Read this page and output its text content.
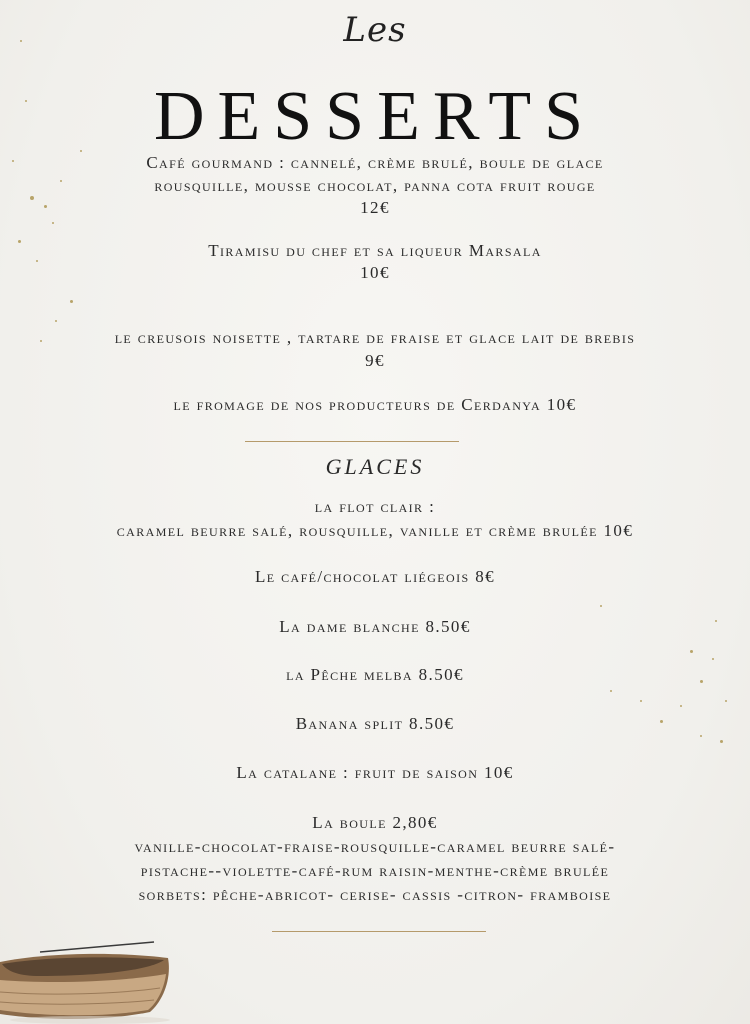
Les
DESSERTS
Café gourmand : cannelé, crème brulé, boule de glace
rousquille, mousse chocolat, panna cota fruit rouge
12€
Tiramisu du chef et sa liqueur Marsala
10€
le creusois noisette , tartare de fraise et glace lait de brebis
9€
le fromage de nos producteurs de Cerdanya 10€
GLACES
la flot clair :
caramel beurre salé, rousquille, vanille et crème brulée 10€
Le café/chocolat liégeois 8€
La dame blanche 8.50€
la Pêche melba 8.50€
Banana split 8.50€
La catalane : fruit de saison 10€
La boule 2,80€
vanille-chocolat-fraise-rousquille-caramel beurre salé-
pistache--violette-café-rum raisin-menthe-crème brulée
sorbets: pêche-abricot- cerise- cassis -citron- framboise
